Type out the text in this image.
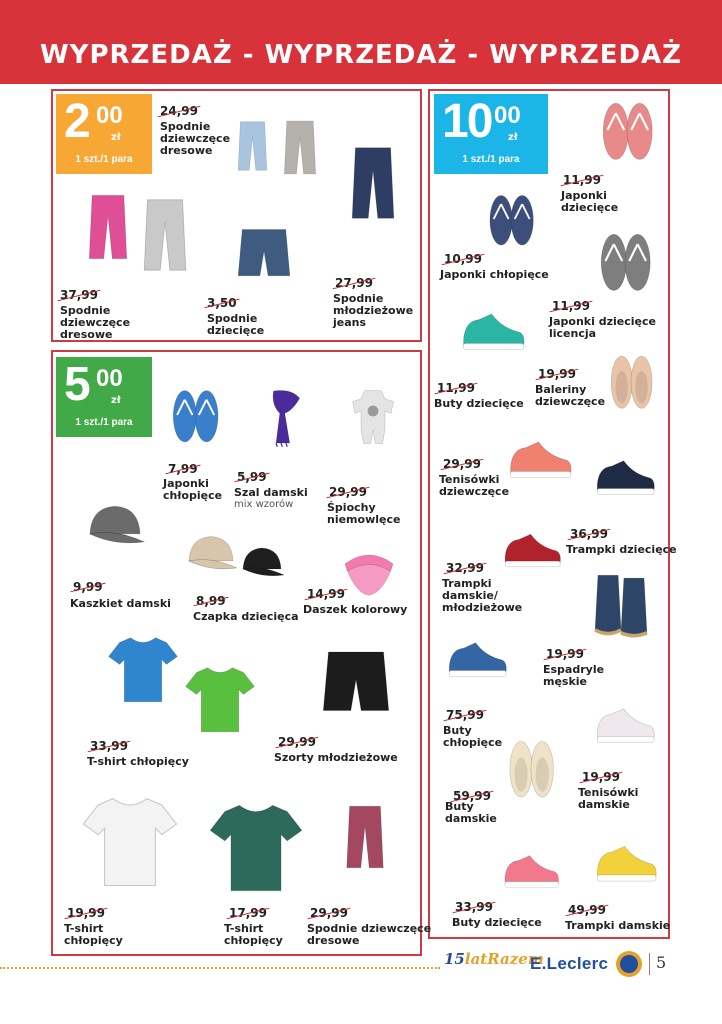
WYPRZEDAŻ - WYPRZEDAŻ - WYPRZEDAŻ
2 00
zł
1 szt./1 para
5 00
zł
1 szt./1 para
10 00
zł
1 szt./1 para
24,99
Spodnie
dziewczęce
dresowe
37,99
Spodnie
dziewczęce
dresowe
3,50
Spodnie
dziecięce
27,99
Spodnie
młodzieżowe
jeans
7,99
Japonki
chłopięce
5,99
Szal damski
mix wzorów
29,99
Śpiochy
niemowlęce
9,99
Kaszkiet damski 8,99
Czapka dziecięca
14,99
Daszek kolorowy
33,99
T-shirt chłopięcy
29,99
Szorty młodzieżowe
19,99
T-shirt
chłopięcy
17,99
T-shirt
chłopięcy
29,99
Spodnie dziewczęce
dresowe
11,99
Japonki
dziecięce
10,99
Japonki chłopięce
11,99
Japonki dziecięce
licencja
11,99
Buty dziecięce
19,99
Baleriny
dziewczęce
29,99
Tenisówki
dziewczęce
36,99
Trampki dziecięce
32,99
Trampki
damskie/
młodzieżowe
19,99
Espadryle
męskie
75,99
Buty
chłopięce
19,99
Tenisówki
damskie
59,99
Buty
damskie
33,99
Buty dziecięce
49,99
Trampki damskie
15latRazem
E.Leclerc	5
